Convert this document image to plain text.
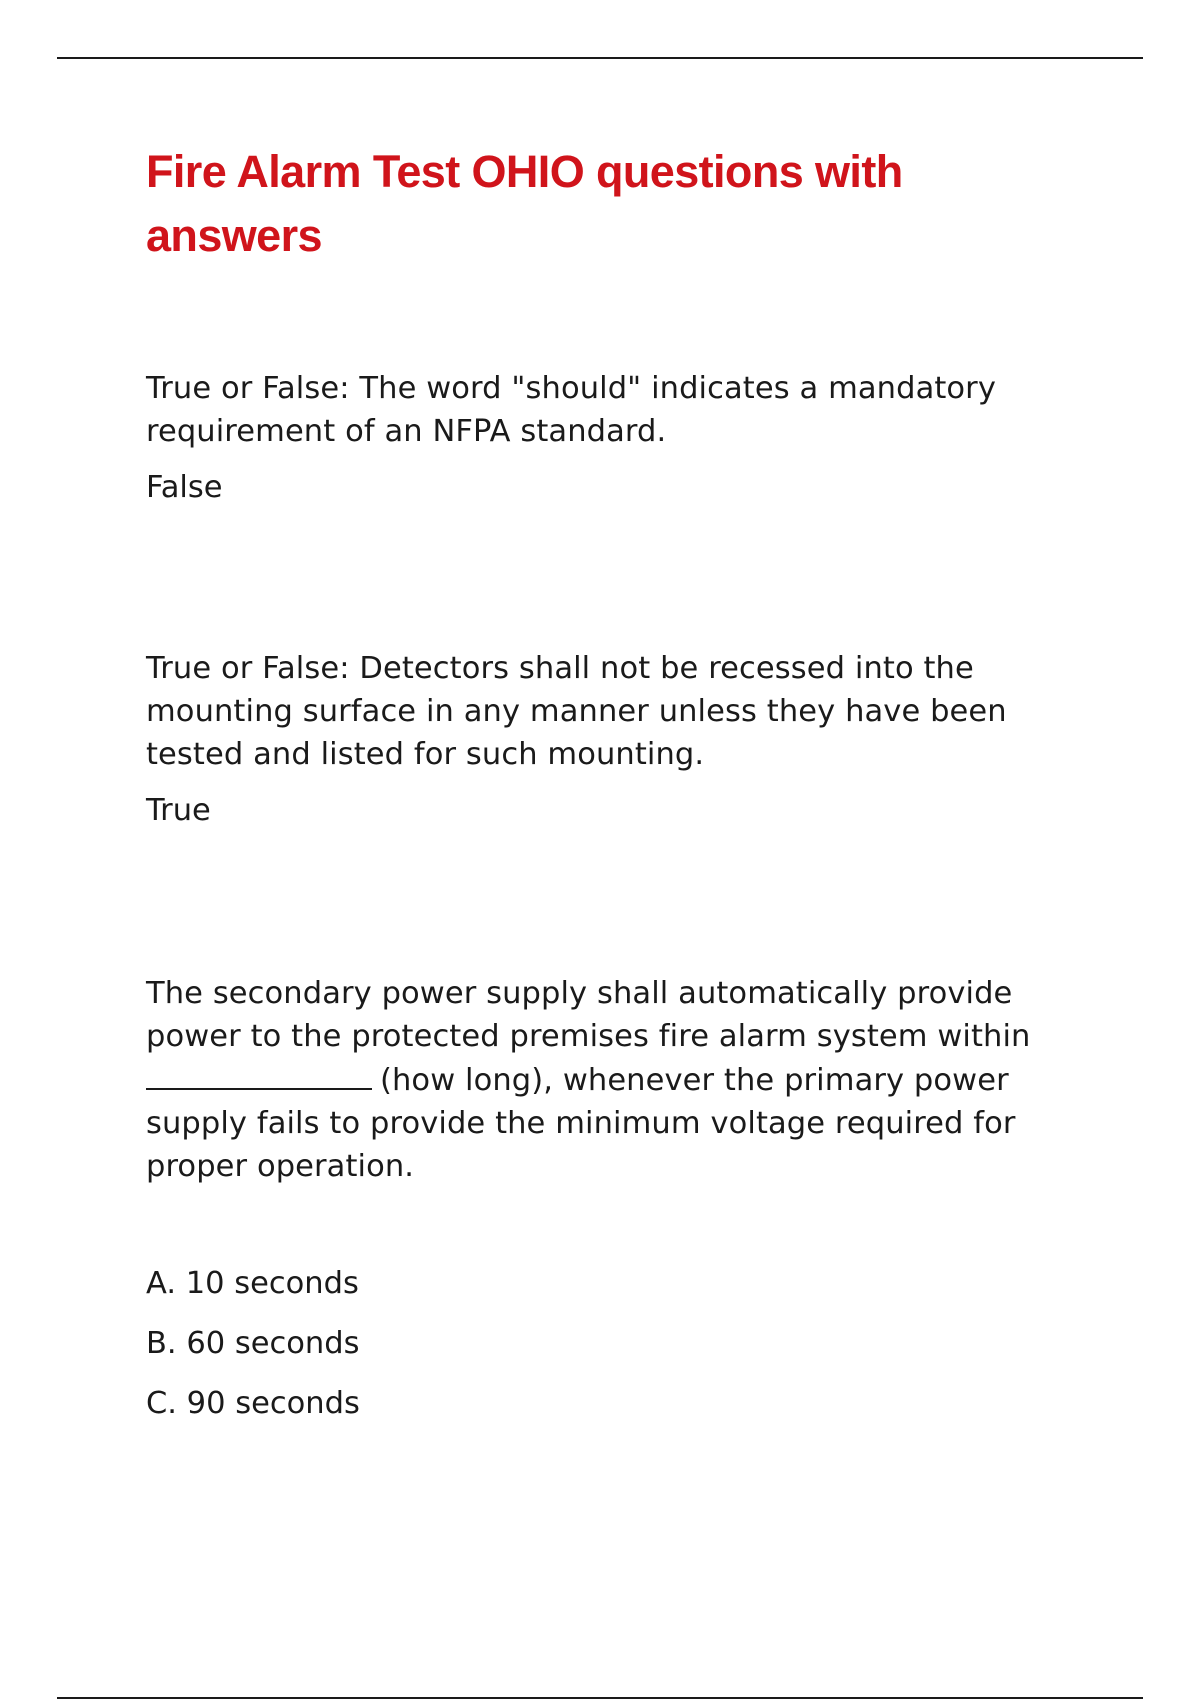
Fire Alarm Test OHIO questions with answers

True or False: The word "should" indicates a mandatory requirement of an NFPA standard.

False

True or False: Detectors shall not be recessed into the mounting surface in any manner unless they have been tested and listed for such mounting.

True

The secondary power supply shall automatically provide power to the protected premises fire alarm system within (how long), whenever the primary power supply fails to provide the minimum voltage required for proper operation.

A. 10 seconds
B. 60 seconds
C. 90 seconds
